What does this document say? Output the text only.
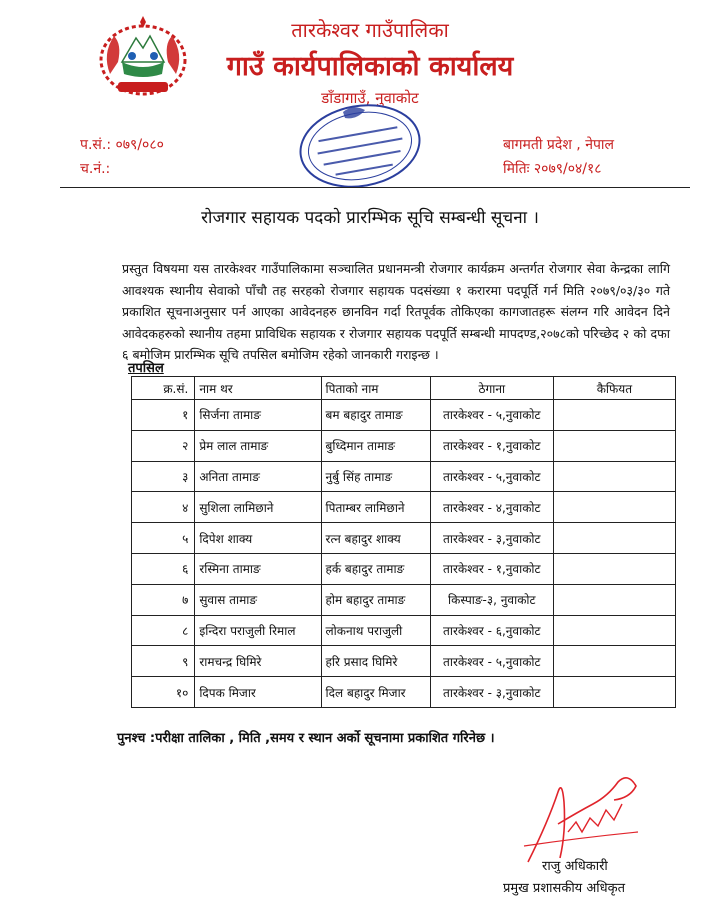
तारकेश्वर गाउँपालिका
गाउँ कार्यपालिकाको कार्यालय
डाँडागाउँ, नुवाकोट
प.सं.: ०७९/०८०
च.नं.:
बागमती प्रदेश , नेपाल
मितिः २०७९/०४/१८
रोजगार सहायक पदको प्रारम्भिक सूचि सम्बन्धी सूचना ।
प्रस्तुत विषयमा यस तारकेश्वर गाउँपालिकामा सञ्चालित प्रधानमन्त्री रोजगार कार्यक्रम अन्तर्गत रोजगार सेवा केन्द्रका लागि आवश्यक स्थानीय सेवाको पाँचौ तह सरहको रोजगार सहायक पदसंख्या १ करारमा पदपूर्ति गर्न मिति २०७९/०३/३० गते प्रकाशित सूचनाअनुसार पर्न आएका आवेदनहरु छानविन गर्दा रितपूर्वक तोकिएका कागजातहरू संलग्न गरि आवेदन दिने आवेदकहरुको स्थानीय तहमा प्राविधिक सहायक र रोजगार सहायक पदपूर्ति सम्बन्धी मापदण्ड,२०७८को परिच्छेद २ को दफा ६ बमोजिम प्रारम्भिक सूचि तपसिल बमोजिम रहेको जानकारी गराइन्छ ।
तपसिल
क्र.सं.	नाम थर	पिताको नाम	ठेगाना	कैफियत
१	सिर्जना तामाङ	बम बहादुर तामाङ	तारकेश्वर - ५,नुवाकोट	
२	प्रेम लाल तामाङ	बुध्दिमान तामाङ	तारकेश्वर - १,नुवाकोट	
३	अनिता तामाङ	नुर्बु सिंह तामाङ	तारकेश्वर - ५,नुवाकोट	
४	सुशिला लामिछाने	पिताम्बर लामिछाने	तारकेश्वर - ४,नुवाकोट	
५	दिपेश शाक्य	रत्न बहादुर शाक्य	तारकेश्वर - ३,नुवाकोट	
६	रस्मिना तामाङ	हर्क बहादुर तामाङ	तारकेश्वर - १,नुवाकोट	
७	सुवास तामाङ	होम बहादुर तामाङ	किस्पाङ-३, नुवाकोट	
८	इन्दिरा पराजुली रिमाल	लोकनाथ पराजुली	तारकेश्वर - ६,नुवाकोट	
९	रामचन्द्र घिमिरे	हरि प्रसाद घिमिरे	तारकेश्वर - ५,नुवाकोट	
१०	दिपक मिजार	दिल बहादुर मिजार	तारकेश्वर - ३,नुवाकोट	
पुनश्च :परीक्षा तालिका , मिति ,समय र स्थान अर्को सूचनामा प्रकाशित गरिनेछ ।
राजु अधिकारी
प्रमुख प्रशासकीय अधिकृत
